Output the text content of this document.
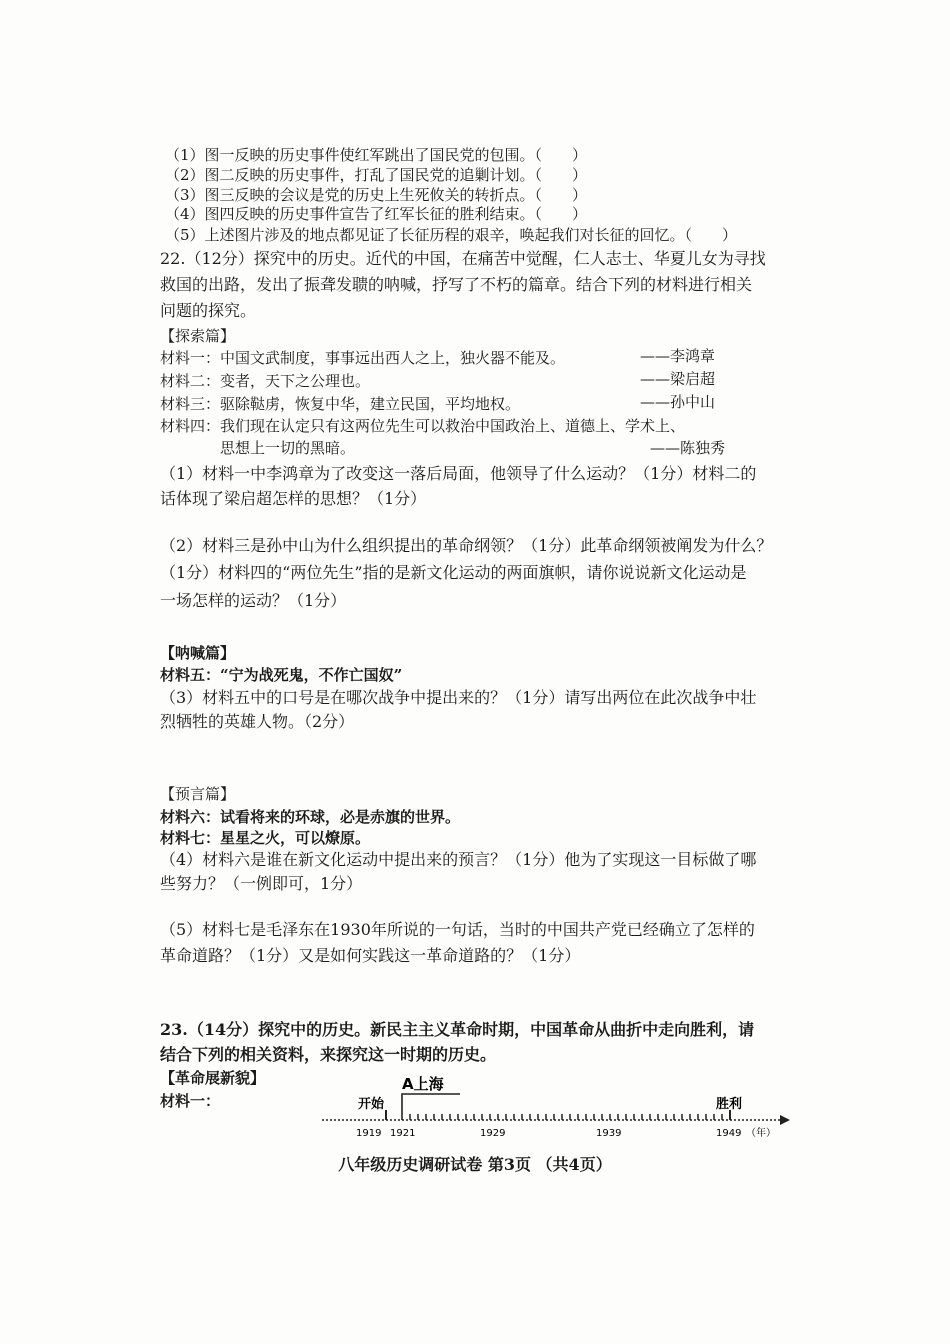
（1）图一反映的历史事件使红军跳出了国民党的包围。（　　）
（2）图二反映的历史事件，打乱了国民党的追剿计划。（　　）
（3）图三反映的会议是党的历史上生死攸关的转折点。（　　）
（4）图四反映的历史事件宣告了红军长征的胜利结束。（　　）
（5）上述图片涉及的地点都见证了长征历程的艰辛，唤起我们对长征的回忆。（　　）
22.（12分）探究中的历史。近代的中国，在痛苦中觉醒，仁人志士、华夏儿女为寻找
救国的出路，发出了振聋发聩的呐喊，抒写了不朽的篇章。结合下列的材料进行相关
问题的探究。
【探索篇】
材料一：中国文武制度，事事远出西人之上，独火器不能及。	——李鸿章
材料二：变者，天下之公理也。	——梁启超
材料三：驱除鞑虏，恢复中华，建立民国，平均地权。	——孙中山
材料四：我们现在认定只有这两位先生可以救治中国政治上、道德上、学术上、
思想上一切的黑暗。	——陈独秀
（1）材料一中李鸿章为了改变这一落后局面，他领导了什么运动？（1分）材料二的
话体现了梁启超怎样的思想？（1分）
（2）材料三是孙中山为什么组织提出的革命纲领？（1分）此革命纲领被阐发为什么？
（1分）材料四的“两位先生”指的是新文化运动的两面旗帜，请你说说新文化运动是
一场怎样的运动？（1分）
【呐喊篇】
材料五：“宁为战死鬼，不作亡国奴”
（3）材料五中的口号是在哪次战争中提出来的？（1分）请写出两位在此次战争中壮
烈牺牲的英雄人物。（2分）
【预言篇】
材料六：试看将来的环球，必是赤旗的世界。
材料七：星星之火，可以燎原。
（4）材料六是谁在新文化运动中提出来的预言？（1分）他为了实现这一目标做了哪
些努力？（一例即可，1分）
（5）材料七是毛泽东在1930年所说的一句话，当时的中国共产党已经确立了怎样的
革命道路？（1分）又是如何实践这一革命道路的？（1分）
23.（14分）探究中的历史。新民主主义革命时期，中国革命从曲折中走向胜利，请
结合下列的相关资料，来探究这一时期的历史。
【革命展新貌】
材料一：	开始
A上海
胜利
1919 1921	1929	1939	1949 （年）
八年级历史调研试卷 第3页 （共4页）
